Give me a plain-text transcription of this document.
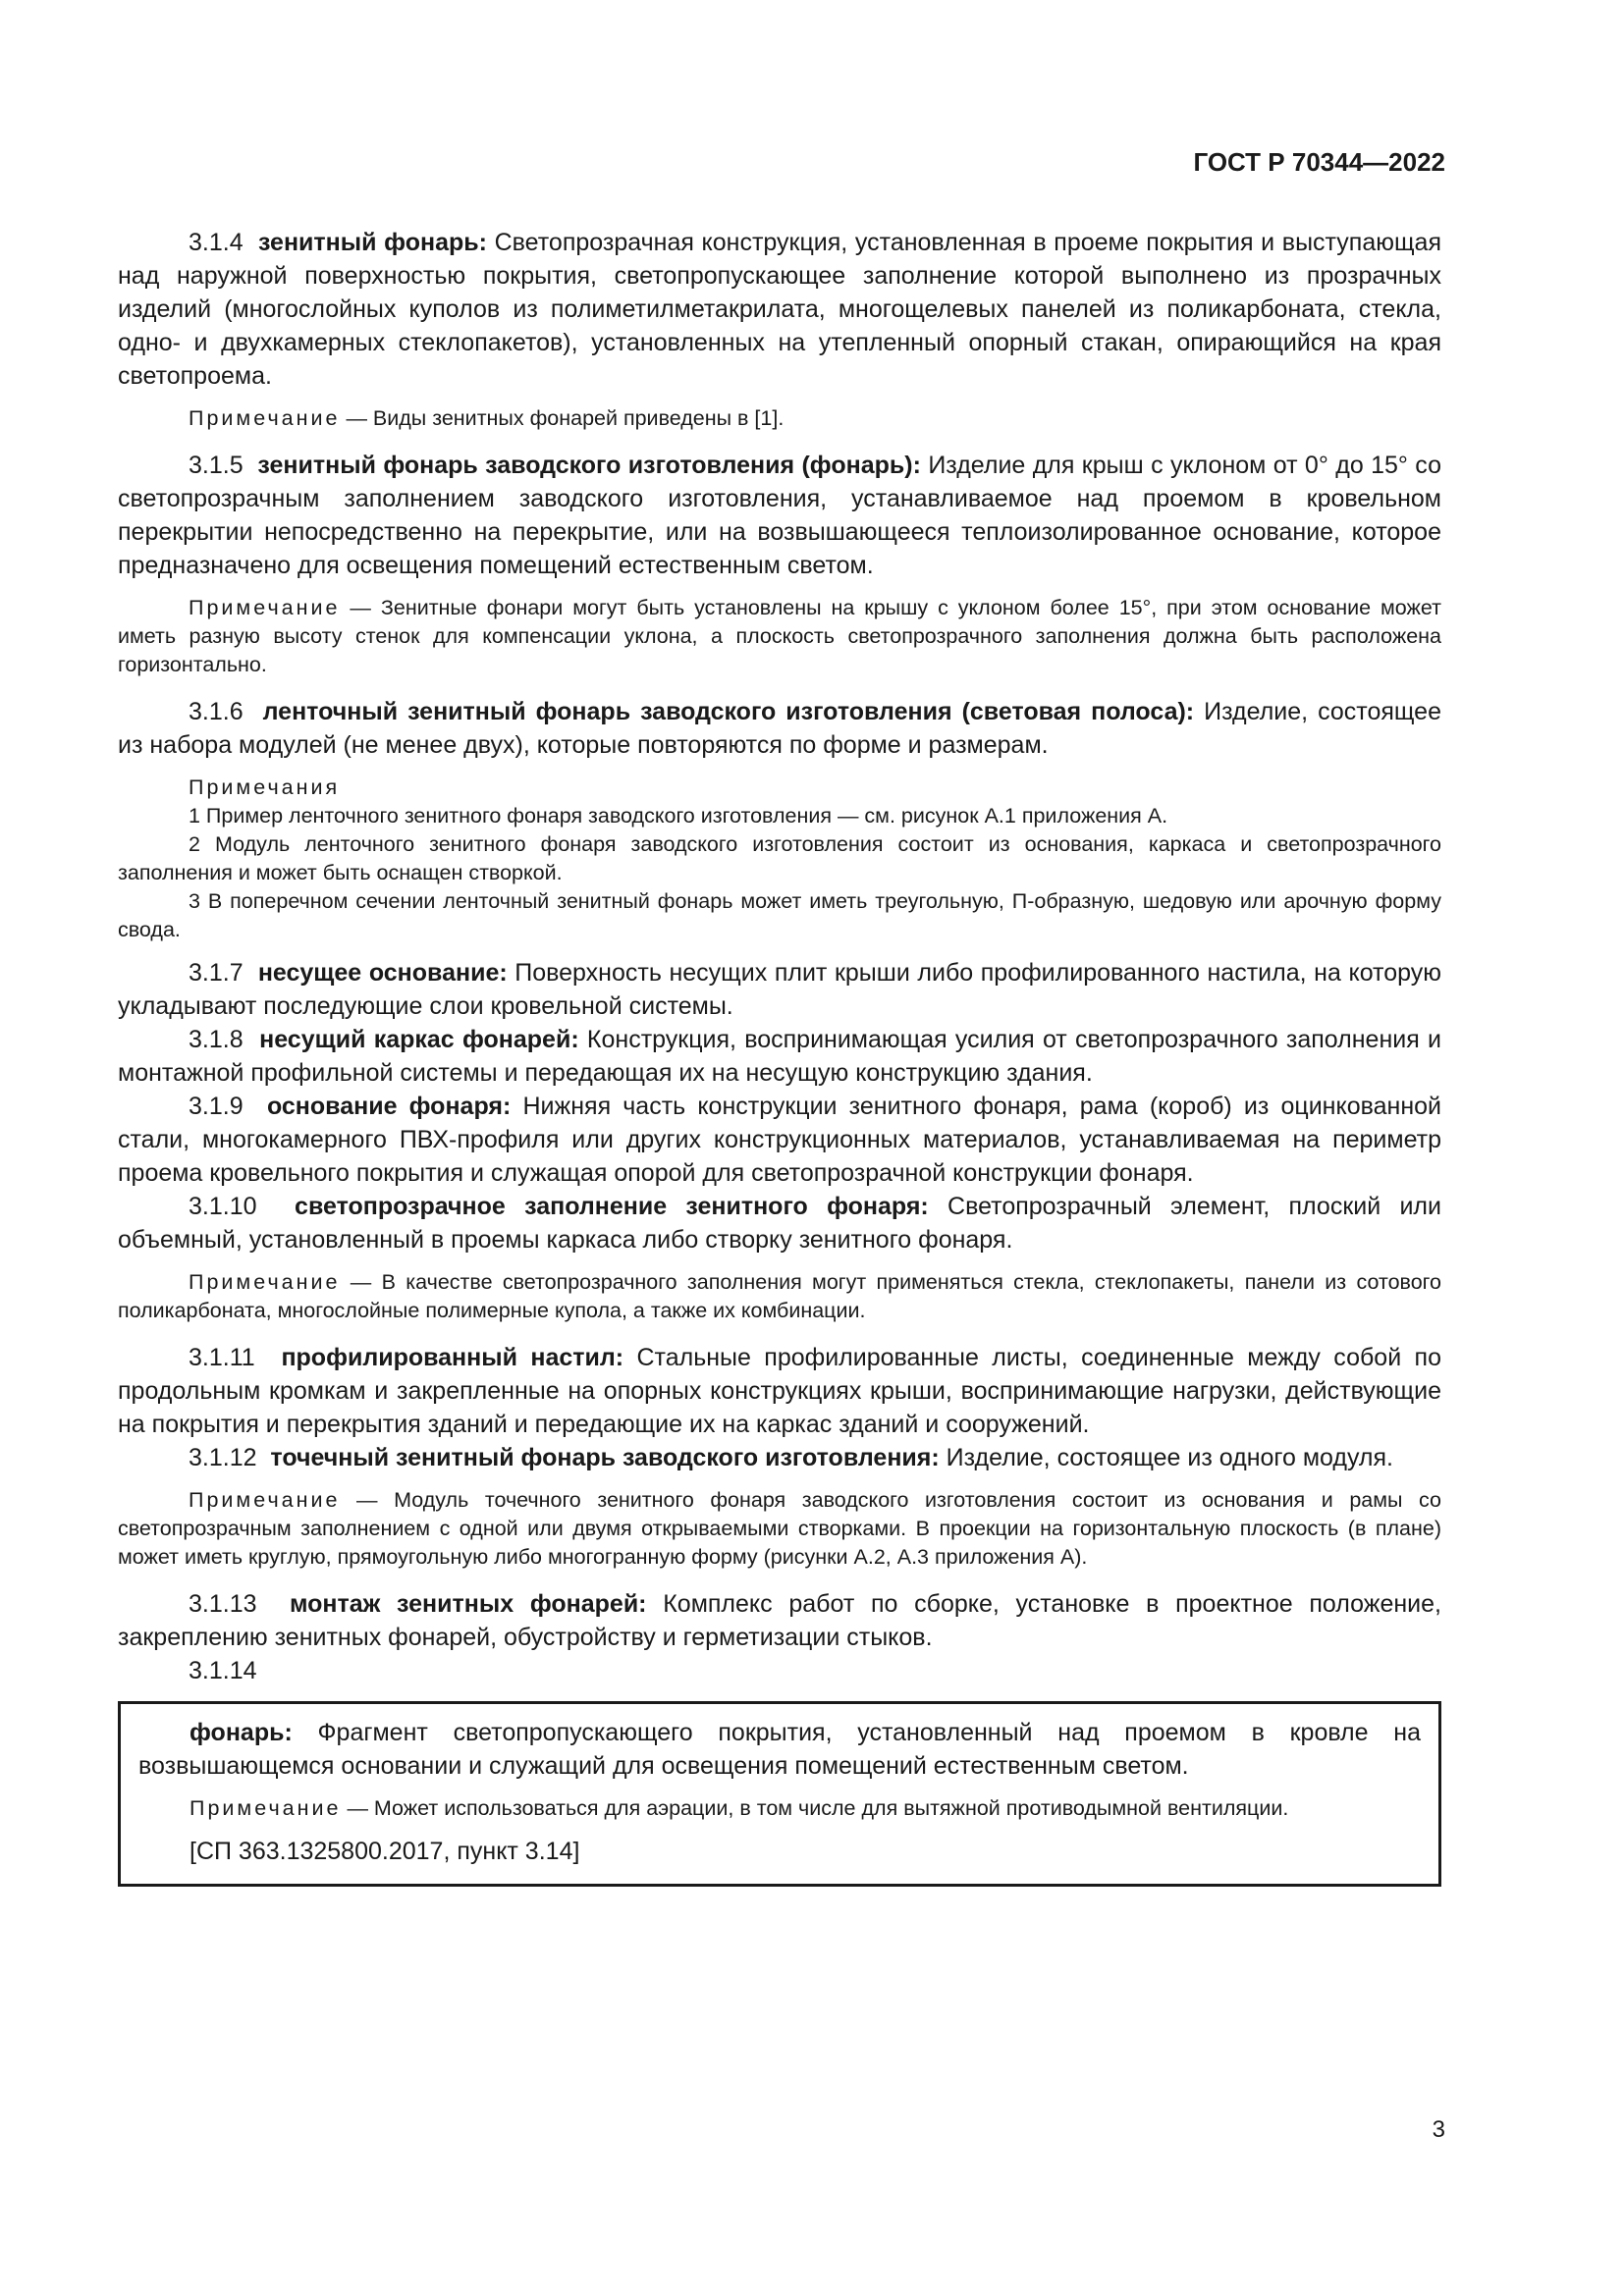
ГОСТ Р 70344—2022

3.1.4 зенитный фонарь: Светопрозрачная конструкция, установленная в проеме покрытия и выступающая над наружной поверхностью покрытия, светопропускающее заполнение которой выполнено из прозрачных изделий (многослойных куполов из полиметилметакрилата, многощелевых панелей из поликарбоната, стекла, одно- и двухкамерных стеклопакетов), установленных на утепленный опорный стакан, опирающийся на края светопроема.

Примечание — Виды зенитных фонарей приведены в [1].

3.1.5 зенитный фонарь заводского изготовления (фонарь): Изделие для крыш с уклоном от 0° до 15° со светопрозрачным заполнением заводского изготовления, устанавливаемое над проемом в кровельном перекрытии непосредственно на перекрытие, или на возвышающееся теплоизолированное основание, которое предназначено для освещения помещений естественным светом.

Примечание — Зенитные фонари могут быть установлены на крышу с уклоном более 15°, при этом основание может иметь разную высоту стенок для компенсации уклона, а плоскость светопрозрачного заполнения должна быть расположена горизонтально.

3.1.6 ленточный зенитный фонарь заводского изготовления (световая полоса): Изделие, состоящее из набора модулей (не менее двух), которые повторяются по форме и размерам.

Примечания

1 Пример ленточного зенитного фонаря заводского изготовления — см. рисунок А.1 приложения А.

2 Модуль ленточного зенитного фонаря заводского изготовления состоит из основания, каркаса и светопрозрачного заполнения и может быть оснащен створкой.

3 В поперечном сечении ленточный зенитный фонарь может иметь треугольную, П-образную, шедовую или арочную форму свода.

3.1.7 несущее основание: Поверхность несущих плит крыши либо профилированного настила, на которую укладывают последующие слои кровельной системы.

3.1.8 несущий каркас фонарей: Конструкция, воспринимающая усилия от светопрозрачного заполнения и монтажной профильной системы и передающая их на несущую конструкцию здания.

3.1.9 основание фонаря: Нижняя часть конструкции зенитного фонаря, рама (короб) из оцинкованной стали, многокамерного ПВХ-профиля или других конструкционных материалов, устанавливаемая на периметр проема кровельного покрытия и служащая опорой для светопрозрачной конструкции фонаря.

3.1.10 светопрозрачное заполнение зенитного фонаря: Светопрозрачный элемент, плоский или объемный, установленный в проемы каркаса либо створку зенитного фонаря.

Примечание — В качестве светопрозрачного заполнения могут применяться стекла, стеклопакеты, панели из сотового поликарбоната, многослойные полимерные купола, а также их комбинации.

3.1.11 профилированный настил: Стальные профилированные листы, соединенные между собой по продольным кромкам и закрепленные на опорных конструкциях крыши, воспринимающие нагрузки, действующие на покрытия и перекрытия зданий и передающие их на каркас зданий и сооружений.

3.1.12 точечный зенитный фонарь заводского изготовления: Изделие, состоящее из одного модуля.

Примечание — Модуль точечного зенитного фонаря заводского изготовления состоит из основания и рамы со светопрозрачным заполнением с одной или двумя открываемыми створками. В проекции на горизонтальную плоскость (в плане) может иметь круглую, прямоугольную либо многогранную форму (рисунки А.2, А.3 приложения А).

3.1.13 монтаж зенитных фонарей: Комплекс работ по сборке, установке в проектное положение, закреплению зенитных фонарей, обустройству и герметизации стыков.

3.1.14

фонарь: Фрагмент светопропускающего покрытия, установленный над проемом в кровле на возвышающемся основании и служащий для освещения помещений естественным светом.

Примечание — Может использоваться для аэрации, в том числе для вытяжной противодымной вентиляции.

[СП 363.1325800.2017, пункт 3.14]

3
